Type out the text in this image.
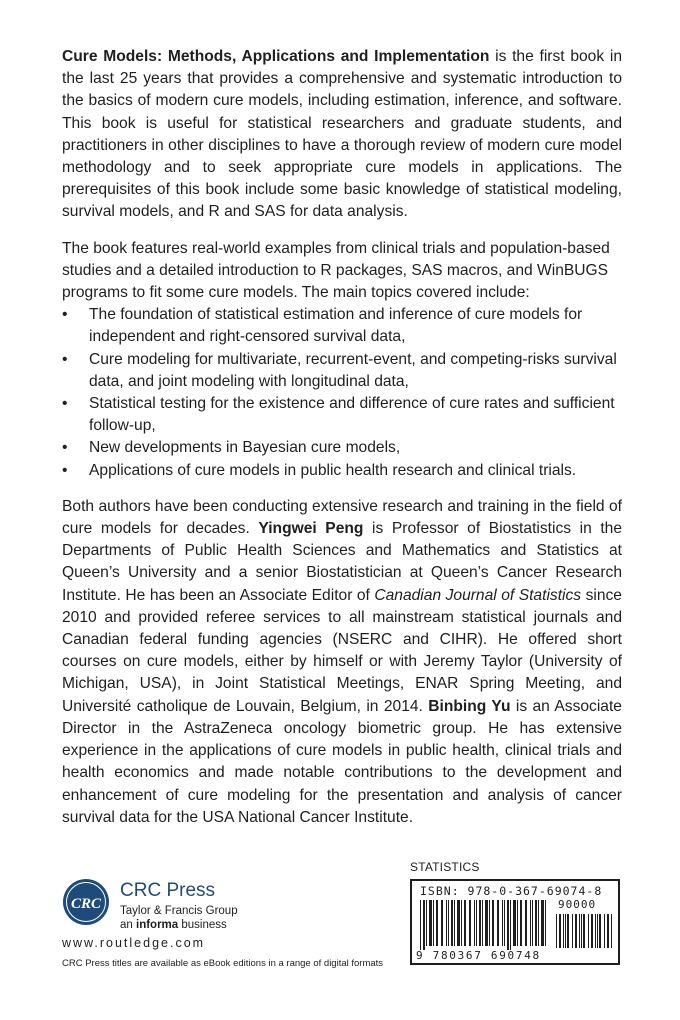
Cure Models: Methods, Applications and Implementation is the first book in the last 25 years that provides a comprehensive and systematic introduction to the basics of modern cure models, including estimation, inference, and software. This book is useful for statistical researchers and graduate students, and practitioners in other disciplines to have a thorough review of modern cure model methodology and to seek appropriate cure models in applications. The prerequisites of this book include some basic knowledge of statistical modeling, survival models, and R and SAS for data analysis.

The book features real-world examples from clinical trials and population-based studies and a detailed introduction to R packages, SAS macros, and WinBUGS programs to fit some cure models. The main topics covered include:

• The foundation of statistical estimation and inference of cure models for independent and right-censored survival data,
• Cure modeling for multivariate, recurrent-event, and competing-risks survival data, and joint modeling with longitudinal data,
• Statistical testing for the existence and difference of cure rates and sufficient follow-up,
• New developments in Bayesian cure models,
• Applications of cure models in public health research and clinical trials.

Both authors have been conducting extensive research and training in the field of cure models for decades. Yingwei Peng is Professor of Biostatistics in the Departments of Public Health Sciences and Mathematics and Statistics at Queen’s University and a senior Biostatistician at Queen’s Cancer Research Institute. He has been an Associate Editor of Canadian Journal of Statistics since 2010 and provided referee services to all mainstream statistical journals and Canadian federal funding agencies (NSERC and CIHR). He offered short courses on cure models, either by himself or with Jeremy Taylor (University of Michigan, USA), in Joint Statistical Meetings, ENAR Spring Meeting, and Université catholique de Louvain, Belgium, in 2014. Binbing Yu is an Associate Director in the AstraZeneca oncology biometric group. He has extensive experience in the applications of cure models in public health, clinical trials and health economics and made notable contributions to the development and enhancement of cure modeling for the presentation and analysis of cancer survival data for the USA National Cancer Institute.

CRC
CRC Press
Taylor & Francis Group
an informa business
www.routledge.com
CRC Press titles are available as eBook editions in a range of digital formats
STATISTICS
ISBN: 978-0-367-69074-8
90000
9 780367 690748
